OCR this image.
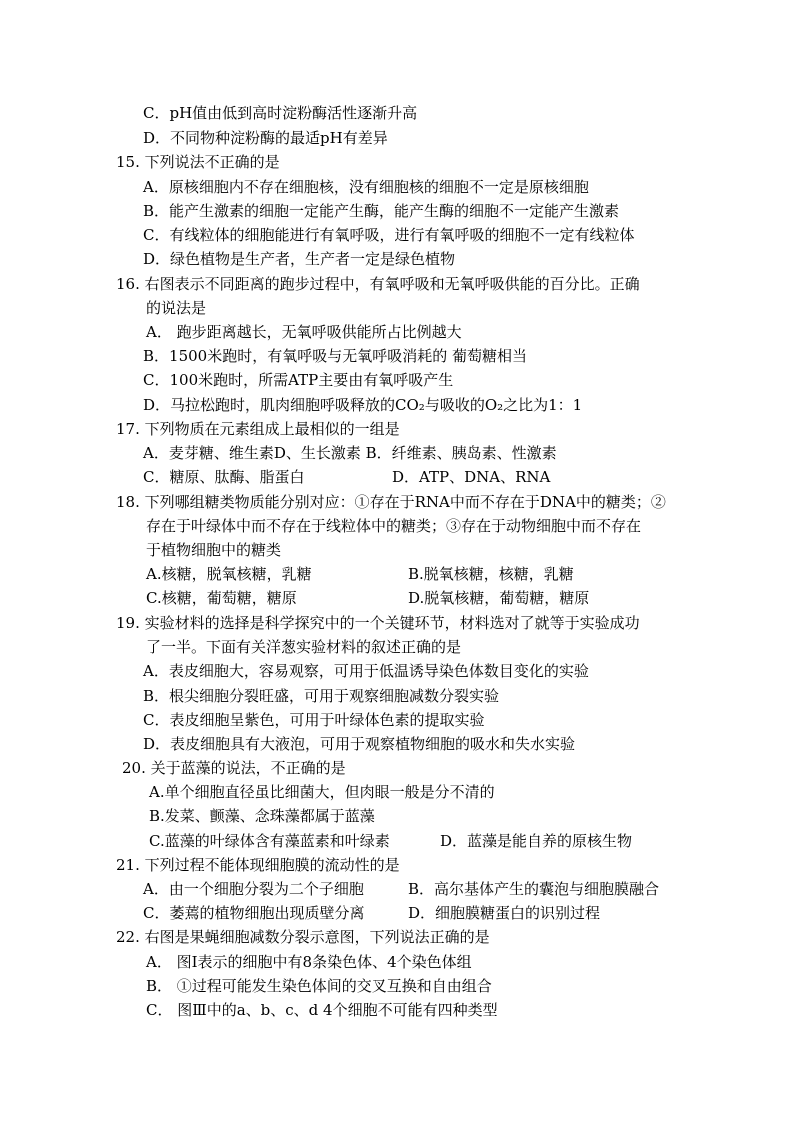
C．pH值由低到高时淀粉酶活性逐渐升高
D．不同物种淀粉酶的最适pH有差异
15. 下列说法不正确的是
A．原核细胞内不存在细胞核，没有细胞核的细胞不一定是原核细胞
B．能产生激素的细胞一定能产生酶，能产生酶的细胞不一定能产生激素
C．有线粒体的细胞能进行有氧呼吸，进行有氧呼吸的细胞不一定有线粒体
D．绿色植物是生产者，生产者一定是绿色植物
16. 右图表示不同距离的跑步过程中，有氧呼吸和无氧呼吸供能的百分比。正确
的说法是
A． 跑步距离越长，无氧呼吸供能所占比例越大
B．1500米跑时，有氧呼吸与无氧呼吸消耗的 葡萄糖相当
C．100米跑时，所需ATP主要由有氧呼吸产生
D．马拉松跑时，肌肉细胞呼吸释放的CO₂与吸收的O₂之比为1：1
17. 下列物质在元素组成上最相似的一组是
A．麦芽糖、维生素D、生长激素 B．纤维素、胰岛素、性激素
18. 下列哪组糖类物质能分别对应：①存在于RNA中而不存在于DNA中的糖类；②
存在于叶绿体中而不存在于线粒体中的糖类；③存在于动物细胞中而不存在
于植物细胞中的糖类
19. 实验材料的选择是科学探究中的一个关键环节，材料选对了就等于实验成功
了一半。下面有关洋葱实验材料的叙述正确的是
A．表皮细胞大，容易观察，可用于低温诱导染色体数目变化的实验
B．根尖细胞分裂旺盛，可用于观察细胞减数分裂实验
C．表皮细胞呈紫色，可用于叶绿体色素的提取实验
D．表皮细胞具有大液泡，可用于观察植物细胞的吸水和失水实验
20. 关于蓝藻的说法，不正确的是
A.单个细胞直径虽比细菌大，但肉眼一般是分不清的
B.发菜、颤藻、念珠藻都属于蓝藻
21. 下列过程不能体现细胞膜的流动性的是
22. 右图是果蝇细胞减数分裂示意图，下列说法正确的是
A． 图Ⅰ表示的细胞中有8条染色体、4个染色体组
B． ①过程可能发生染色体间的交叉互换和自由组合
C． 图Ⅲ中的a、b、c、d 4个细胞不可能有四种类型
C．糖原、肽酶、脂蛋白	D．ATP、DNA、RNA
A.核糖，脱氧核糖，乳糖	B.脱氧核糖，核糖，乳糖
C.核糖，葡萄糖，糖原	D.脱氧核糖，葡萄糖，糖原
C.蓝藻的叶绿体含有藻蓝素和叶绿素	D．蓝藻是能自养的原核生物
A．由一个细胞分裂为二个子细胞	B．高尔基体产生的囊泡与细胞膜融合
C．萎蔫的植物细胞出现质壁分离	D．细胞膜糖蛋白的识别过程
